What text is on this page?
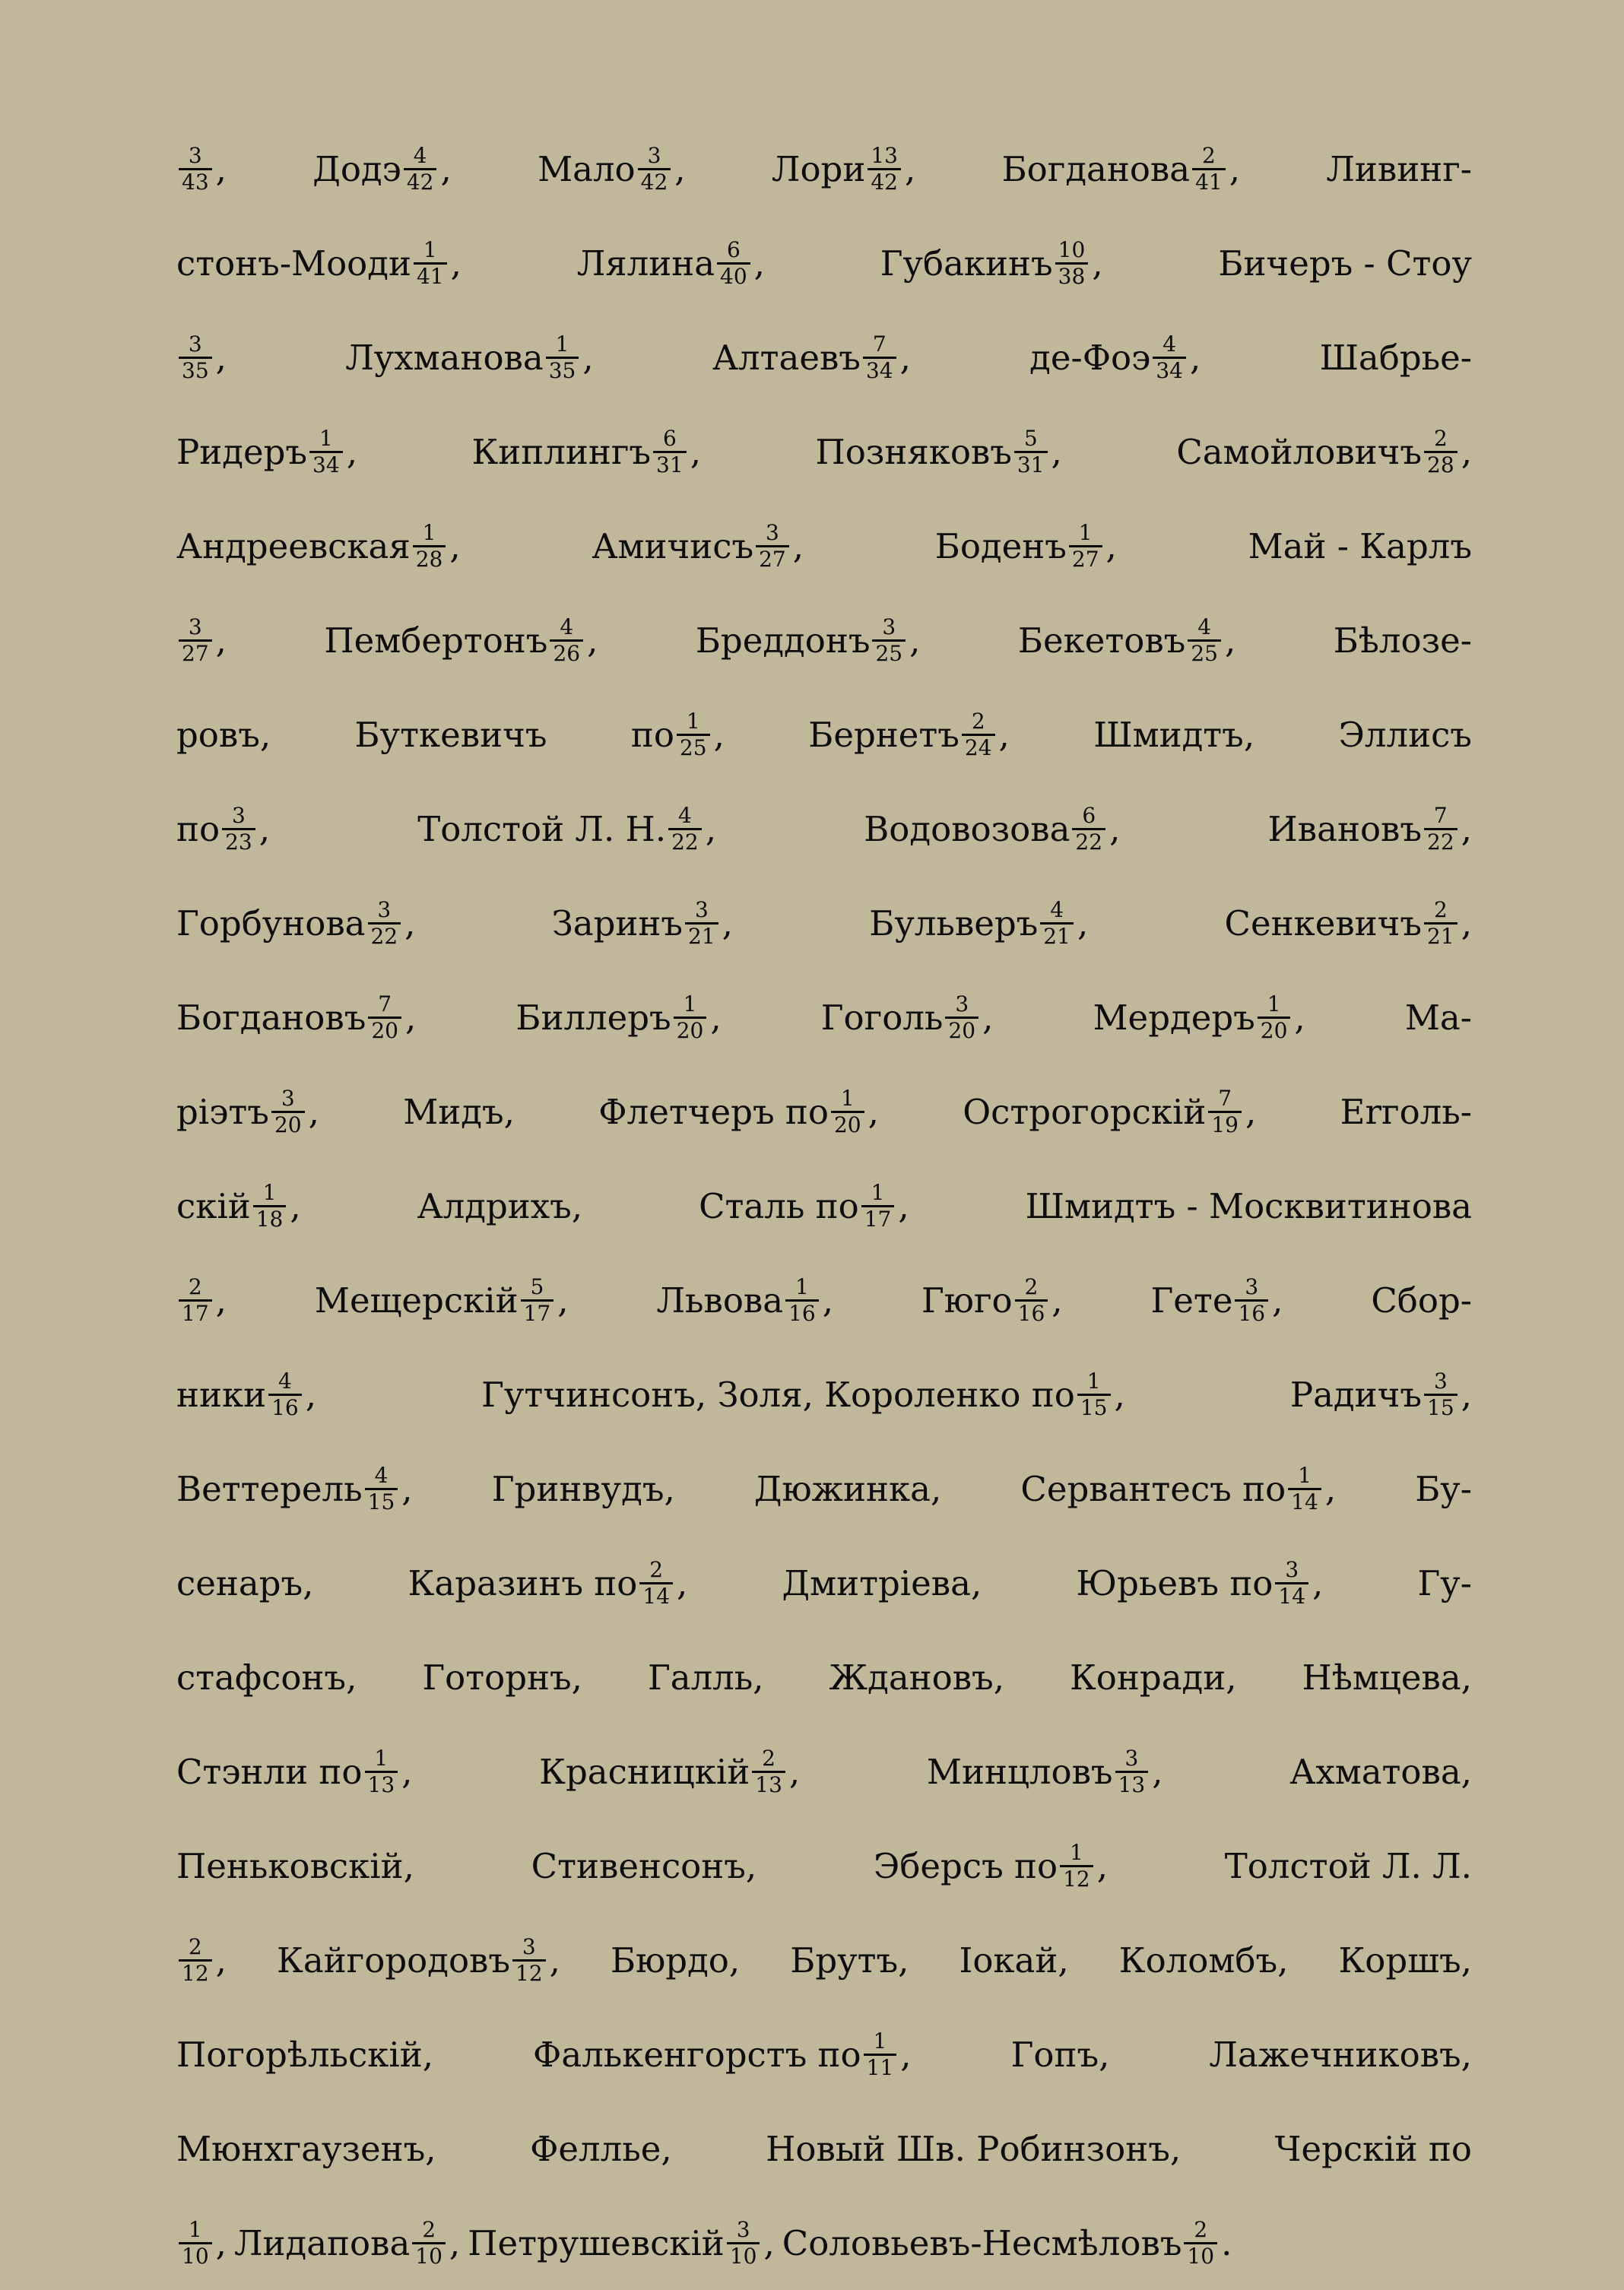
$\frac{3}{43}$ ,	Додэ $\frac{4}{42}$ ,	Мало $\frac{3}{42}$ ,	Лори $\frac{13}{42}$ ,	Богданова $\frac{2}{41}$ ,	Ливинг-
стонъ-Мооди $\frac{1}{41}$ ,	Лялина $\frac{6}{40}$ ,	Губакинъ $\frac{10}{38}$ ,	Бичеръ - Стоу
$\frac{3}{35}$ ,	Лухманова $\frac{1}{35}$ ,	Алтаевъ $\frac{7}{34}$ ,	$де-Фоэ \frac{4}{34}$ ,	Шабрье-
Ридеръ $\frac{1}{34}$ ,	Киплингъ $\frac{6}{31}$ ,	Позняковъ $\frac{5}{31}$ ,	Самойловичъ $\frac{2}{28}$ ,
Андреевская $\frac{1}{28}$ ,	Амичисъ $\frac{3}{27}$ ,	Боденъ $\frac{1}{27}$ ,	Май - Карлъ
$\frac{3}{27}$ ,	Пембертонъ $\frac{4}{26}$ ,	Бреддонъ $\frac{3}{25}$ ,	Бекетовъ $\frac{4}{25}$ ,	Бѣлозе-
ровъ, Буткевичъ по $\frac{1}{25}$ , Бернетъ $\frac{2}{24}$ , Шмидтъ, Эллисъ
по $\frac{3}{23}$ ,	Толстой Л. Н. $\frac{4}{22}$ ,	Водовозова $\frac{6}{22}$ ,	Ивановъ $\frac{7}{22}$ ,
Горбунова $\frac{3}{22}$ ,	Заринъ $\frac{3}{21}$ ,	Бульверъ $\frac{4}{21}$ ,	Сенкевичъ $\frac{2}{21}$ ,
Богдановъ $\frac{7}{20}$ ,	Биллеръ $\frac{1}{20}$ ,	Гоголь $\frac{3}{20}$ ,	Мердеръ $\frac{1}{20}$ ,	Ма-
ріэтъ $\frac{3}{20}$ , Мидъ, Флетчеръ по $\frac{1}{20}$ , Острогорскій $\frac{7}{19}$ , Erголь-
скій $\frac{1}{18}$ ,	Алдрихъ,	Сталь по $\frac{1}{17}$ ,	Шмидтъ - Москвитинова
$\frac{2}{17}$ ,	Мещерскій $\frac{5}{17}$ ,	Львова $\frac{1}{16}$ ,	Гюго $\frac{2}{16}$ ,	Гете $\frac{3}{16}$ ,	Сбор-
ники $\frac{4}{16}$ ,	Гутчинсонъ, Золя, Короленко по $\frac{1}{15}$ ,	Радичъ $\frac{3}{15}$ ,
Веттерель $\frac{4}{15}$ , Гринвудъ, Дюжинка, Сервантесъ по $\frac{1}{14}$ , Бу-
сенаръ,	Каразинъ по $\frac{2}{14}$ ,	Дмитріева,	Юрьевъ по $\frac{3}{14}$ ,	Гу-
стафсонъ, Готорнъ, Галль, Ждановъ, Конради, Нѣмцева,
Стэнли по $\frac{1}{13}$ ,	Красницкій $\frac{2}{13}$ ,	Минцловъ $\frac{3}{13}$ ,	Ахматова,
Пеньковскій,	Стивенсонъ,	Эберсъ по $\frac{1}{12}$ ,	Толстой Л. Л.
$\frac{2}{12}$ , Кайгородовъ $\frac{3}{12}$ , Бюрдо, Брутъ, Іокай, Коломбъ, Коршъ,
Погорѣльскій,	Фалькенгорстъ по $\frac{1}{11}$ ,	Гопъ,	Лажечниковъ,
Мюнхгаузенъ,	Феллье,	Новый Шв. Робинзонъ,	Черскій по
$\frac{1}{10}$ , Лидапова $\frac{2}{10}$ , Петрушевскій $\frac{3}{10}$ , Соловьевъ-Несмѣловъ $\frac{2}{10}$ .
